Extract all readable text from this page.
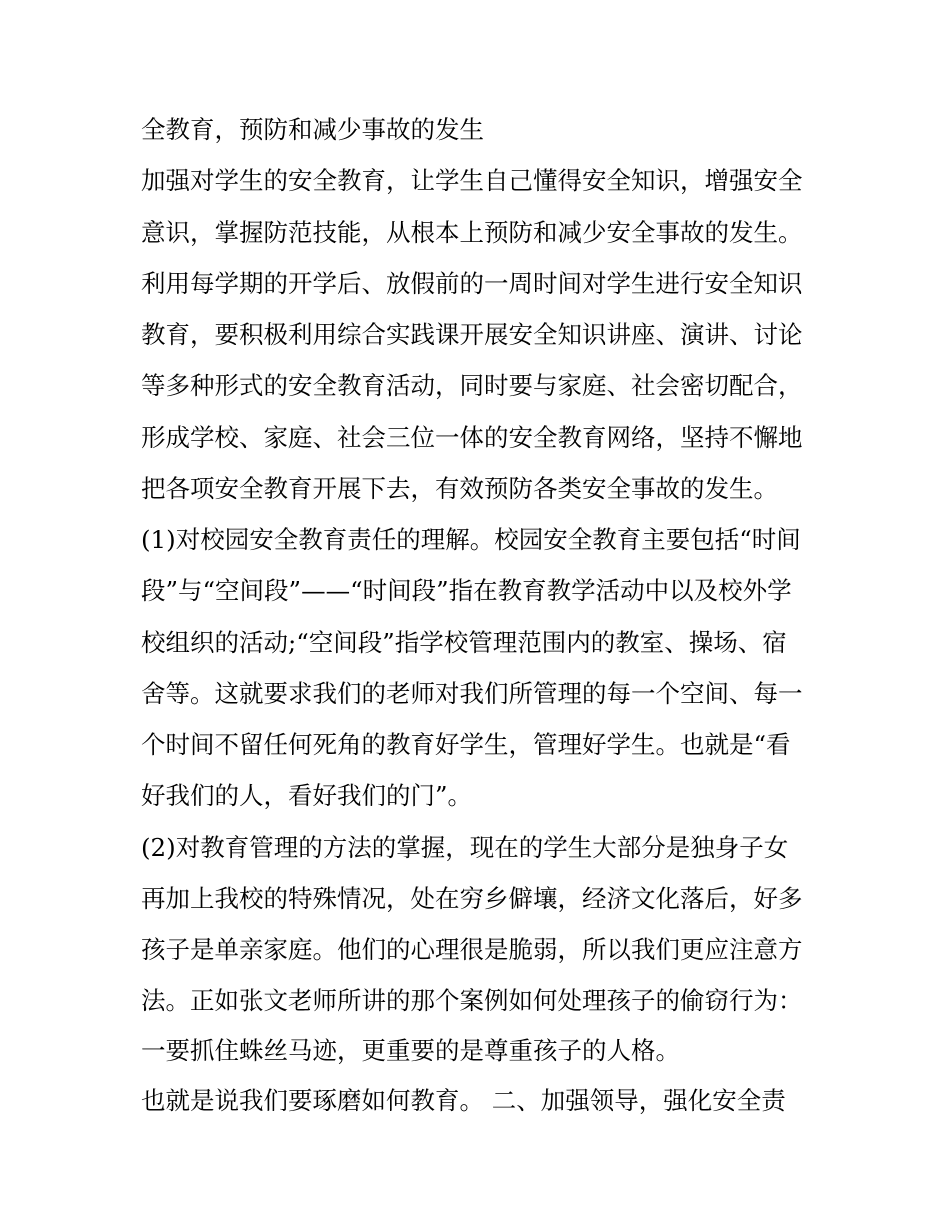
全教育，预防和减少事故的发生
加强对学生的安全教育，让学生自己懂得安全知识，增强安全
意识，掌握防范技能，从根本上预防和减少安全事故的发生。
利用每学期的开学后、放假前的一周时间对学生进行安全知识
教育，要积极利用综合实践课开展安全知识讲座、演讲、讨论
等多种形式的安全教育活动，同时要与家庭、社会密切配合，
形成学校、家庭、社会三位一体的安全教育网络，坚持不懈地
把各项安全教育开展下去，有效预防各类安全事故的发生。
(1)对校园安全教育责任的理解。校园安全教育主要包括“时间
段”与“空间段”——“时间段”指在教育教学活动中以及校外学
校组织的活动;“空间段”指学校管理范围内的教室、操场、宿
舍等。这就要求我们的老师对我们所管理的每一个空间、每一
个时间不留任何死角的教育好学生，管理好学生。也就是“看
好我们的人，看好我们的门”。
(2)对教育管理的方法的掌握，现在的学生大部分是独身子女
再加上我校的特殊情况，处在穷乡僻壤，经济文化落后，好多
孩子是单亲家庭。他们的心理很是脆弱，所以我们更应注意方
法。正如张文老师所讲的那个案例如何处理孩子的偷窃行为：
一要抓住蛛丝马迹，更重要的是尊重孩子的人格。
也就是说我们要琢磨如何教育。 二、加强领导，强化安全责
